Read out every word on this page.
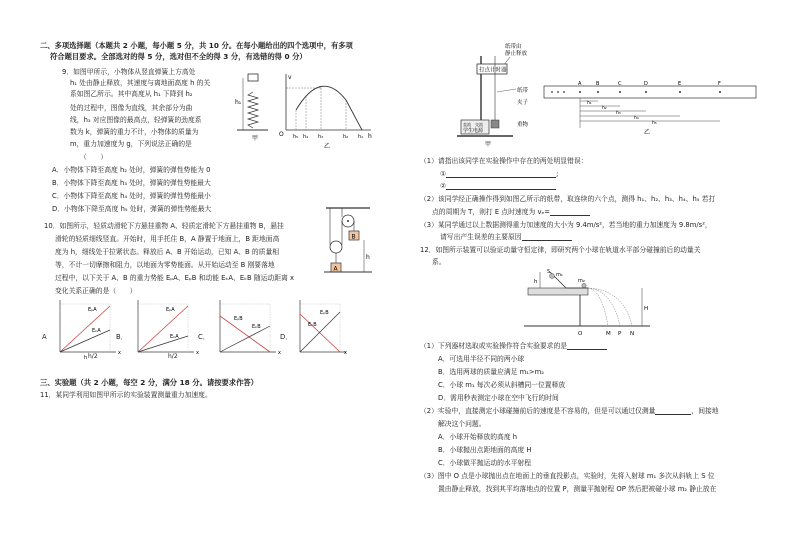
二、多项选择题（本题共 2 小题，每小题 5 分，共 10 分。在每小题给出的四个选项中，有多项
符合题目要求。全部选对的得 5 分，选对但不全的得 3 分，有选错的得 0 分）
9．如图甲所示，小物体从竖直弹簧上方高处
h₁ 处由静止释放，其速度与离地面高度 h 的关
系如图乙所示。其中高度从 h₁ 下降到 h₂
处的过程中，图像为直线，其余部分为曲
线，h₃ 对应图像的最高点，轻弹簧的劲度系
数为 k，弹簧的重力不计，小物体的质量为
m，重力加速度为 g，下列说法正确的是
（　　）
A．小物体下降至高度 h₂ 处时，弹簧的弹性势能为 0
B．小物体下降至高度 h₃ 处时，弹簧的弹性势能最大
C．小物体下降至高度 h₄ 处时，弹簧的弹性势能最小
D．小物体下降至高度 h₅ 处时，弹簧的弹性势能最大
h₁
甲
v
h
O h₅ h₄ h₃	h₂ h₁
乙
10．如图所示，轻质动滑轮下方悬挂重物 A、轻质定滑轮下方悬挂重物 B，悬挂
滑轮的轻质细线竖直。开始时，用手托住 B，A 静置于地面上，B 距地面高
度为 h，细线处于拉紧状态。释放后 A、B 开始运动，已知 A、B 的质量相
等，不计一切摩擦和阻力，以地面为零势能面。从开始运动至 B 刚要落地
过程中，以下关于 A、B 的重力势能 EₚA、EₚB 和动能 EₖA、EₖB 随运动距离 x
变化关系正确的是（　　）
A
B
h
A	B．	C．	D．
EₚA
EₖA
h
x
EₚA
EₖA
x
EₚB
EₖB
x
EₚB
EₖB
x
h/2	h/2
三、实验题（共 2 小题，每空 2 分，满分 18 分。请按要求作答）
11．某同学利用如图甲所示的实验装置测量重力加速度。
纸带由
静止释放
打点计时器
纸带
夹子
重物
直流　交流
学生电源
甲
A	B	C	D	E	F
h₁
h₂
h₃
h₄
h₅
乙
（1）请指出该同学在实验操作中存在的两处明显错误：
①	;
②
（2）该同学经正确操作得到如图乙所示的纸带，取连续的六个点，测得 h₁、h₂、h₃、h₄、h₅ 若打
点的周期为 T，则打 E 点时速度为 vₑ=
（3）某同学通过以上数据测得重力加速度的大小为 9.4m/s²，若当地的重力加速度为 9.8m/s²，
请写出产生误差的主要原因
12．如图所示装置可以验证动量守恒定律，即研究两个小球在轨道水平部分碰撞前后的动量关
系。
h
m₁
S
m₂
H
O	M P N
（1）下列器材选取或实验操作符合实验要求的是
A．可选用半径不同的两小球
B．选用两球的质量应满足 m₁>m₂
C．小球 m₁ 每次必须从斜槽同一位置释放
D．需用秒表测定小球在空中飞行的时间
（2）实验中，直接测定小球碰撞前后的速度是不容易的，但是可以通过仅测量	，间接地
解决这个问题。
A．小球开始释放的高度 h
B．小球抛出点距地面的高度 H
C．小球做平抛运动的水平射程
（3）图中 O 点是小球抛出点在地面上的垂直投影点，实验时，先将入射球 m₁ 多次从斜轨上 S 位
置由静止释放，找到其平均落地点的位置 P，测量平抛射程 OP 然后把被碰小球 m₂ 静止放在
